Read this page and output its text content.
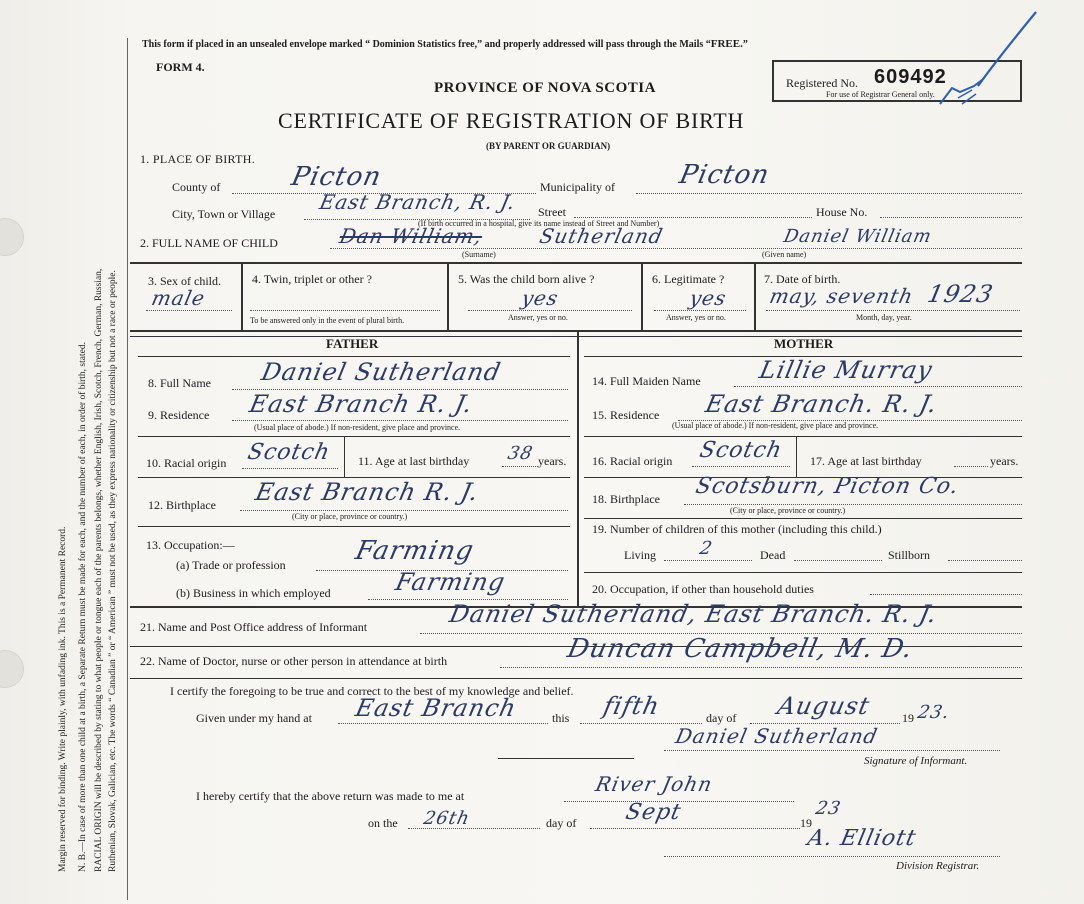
Margin reserved for binding. Write plainly, with unfading ink. This is a Permanent Record. N. B.—In case of more than one child at a birth, a Separate Return must be made for each, and the number of each, in order of birth, stated. RACIAL ORIGIN will be described by stating to what people or tongue each of the parents belongs, whether English, Irish, Scotch, French, German, Russian, Ruthenian, Slovak, Galician, etc. The words “ Canadian ” or “ American ” must not be used, as they express nationality or citizenship but not a race or people.
This form if placed in an unsealed envelope marked “ Dominion Statistics free,” and properly addressed will pass through the Mails “FREE.”
FORM 4.
PROVINCE OF NOVA SCOTIA
CERTIFICATE OF REGISTRATION OF BIRTH
(BY PARENT OR GUARDIAN)
Registered No. 609492
For use of Registrar General only.
1. PLACE OF BIRTH.
County of	Picton	Municipality of Picton
City, Town or Village East Branch, R. J. Street	House No.
(If birth occurred in a hospital, give its name instead of Street and Number)
2. FULL NAME OF CHILD	Dan William,	Sutherland	Daniel William
(Surname)	(Given name)
3. Sex of child.
male
4. Twin, triplet or other ?
To be answered only in the event of plural birth.
5. Was the child born alive ?
yes
Answer, yes or no.
6. Legitimate ?
yes
Answer, yes or no.
7. Date of birth.
may, seventh 1923
Month, day, year.
FATHER	MOTHER
8. Full Name Daniel Sutherland
9. Residence East Branch R. J.
(Usual place of abode.) If non-resident, give place and province.
10. Racial origin Scotch 11. Age at last birthday 38 years.
12. Birthplace East Branch R. J.
(City or place, province or country.)
13. Occupation:—
(a) Trade or profession	Farming
(b) Business in which employed	Farming
14. Full Maiden Name Lillie Murray
15. Residence East Branch. R. J.
(Usual place of abode.) If non-resident, give place and province.
16. Racial origin Scotch 17. Age at last birthday	years.
18. Birthplace Scotsburn, Picton Co.
(City or place, province or country.)
19. Number of children of this mother (including this child.)
Living 2	Dead	Stillborn
20. Occupation, if other than household duties
21. Name and Post Office address of Informant	Daniel Sutherland, East Branch. R. J.
22. Name of Doctor, nurse or other person in attendance at birth	Duncan Campbell, M. D.
I certify the foregoing to be true and correct to the best of my knowledge and belief.
Given under my hand at East Branch	this fifth	day of August 19 23.
Daniel Sutherland
Signature of Informant.
I hereby certify that the above return was made to me at	River John
on the 26th	day of Sept	19
23
A. Elliott
Division Registrar.
